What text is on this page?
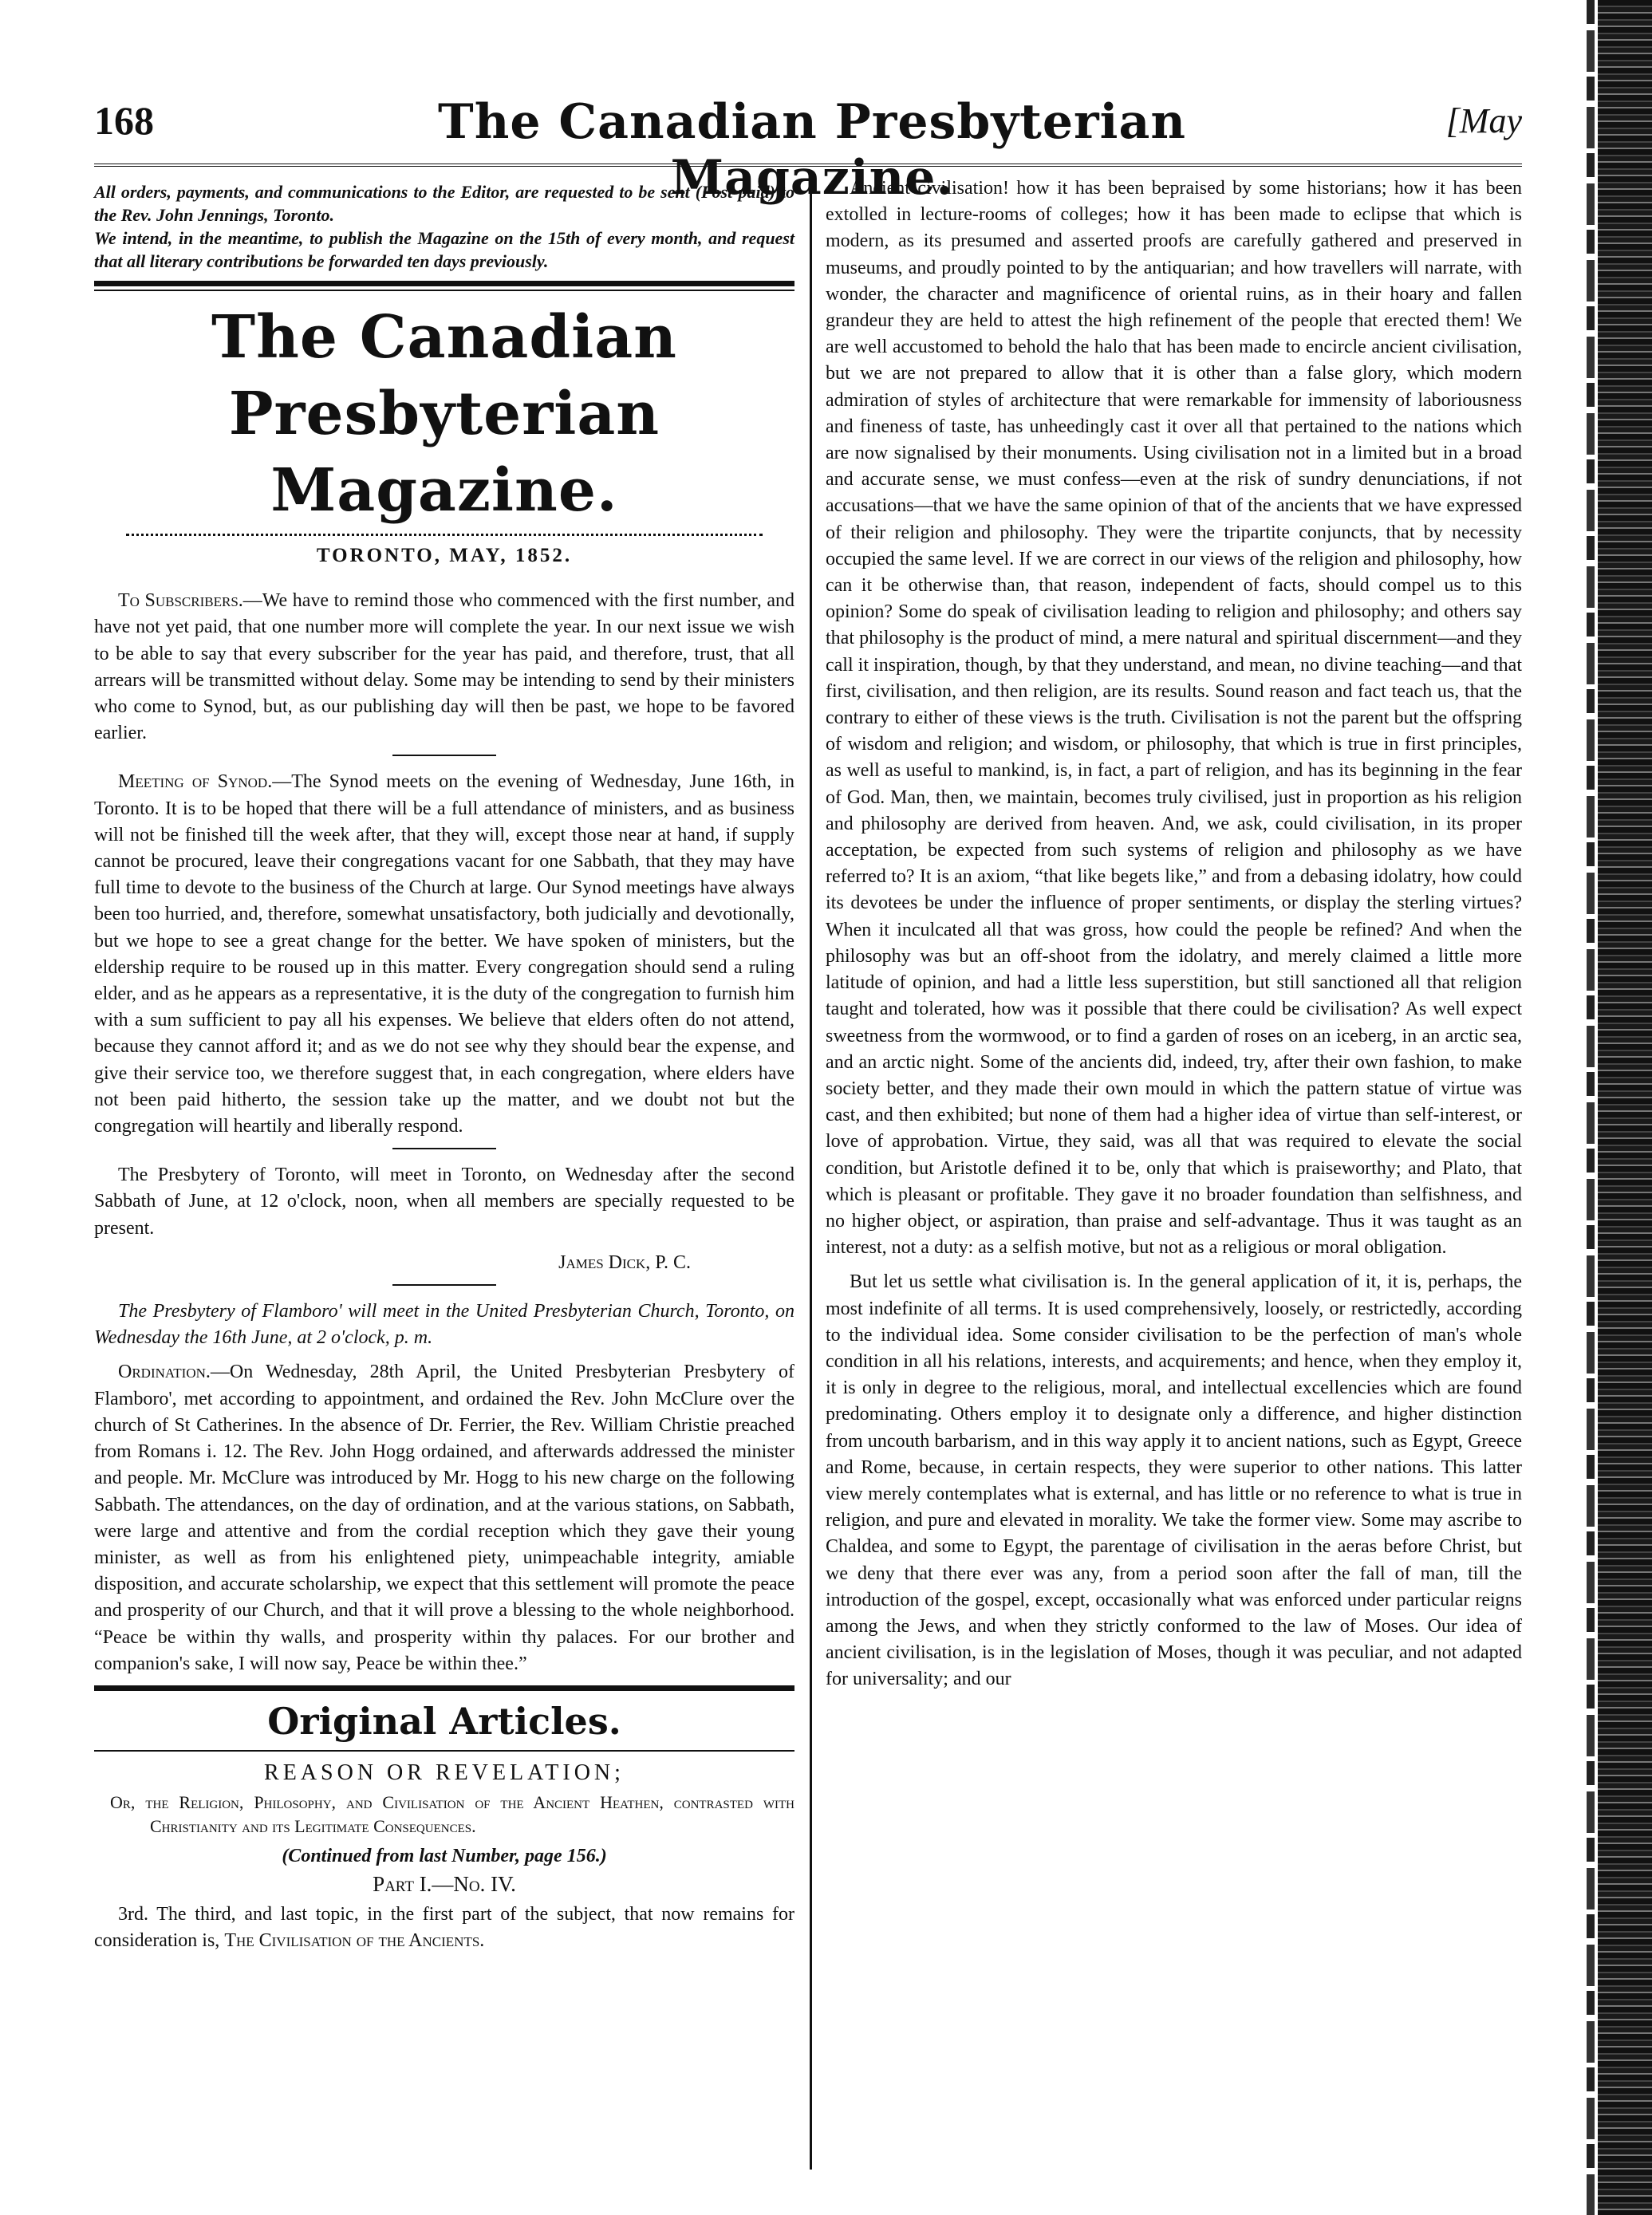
168	The Canadian Presbyterian Magazine.
[May
All orders, payments, and communications to the Editor, are requested to be sent (Post-paid) to the Rev. John Jennings, Toronto.
We intend, in the meantime, to publish the Magazine on the 15th of every month, and request that all literary contributions be forwarded ten days previously.
The Canadian Presbyterian Magazine.

TORONTO, MAY, 1852.

To Subscribers.—We have to remind those who commenced with the first number, and have not yet paid, that one number more will complete the year. In our next issue we wish to be able to say that every subscriber for the year has paid, and therefore, trust, that all arrears will be transmitted without delay. Some may be intending to send by their ministers who come to Synod, but, as our publishing day will then be past, we hope to be favored earlier.

Meeting of Synod.—The Synod meets on the evening of Wednesday, June 16th, in Toronto. It is to be hoped that there will be a full attendance of ministers, and as business will not be finished till the week after, that they will, except those near at hand, if supply cannot be procured, leave their congregations vacant for one Sabbath, that they may have full time to devote to the business of the Church at large. Our Synod meetings have always been too hurried, and, therefore, somewhat unsatisfactory, both judicially and devotionally, but we hope to see a great change for the better. We have spoken of ministers, but the eldership require to be roused up in this matter. Every congregation should send a ruling elder, and as he appears as a representative, it is the duty of the congregation to furnish him with a sum sufficient to pay all his expenses. We believe that elders often do not attend, because they cannot afford it; and as we do not see why they should bear the expense, and give their service too, we therefore suggest that, in each congregation, where elders have not been paid hitherto, the session take up the matter, and we doubt not but the congregation will heartily and liberally respond.

The Presbytery of Toronto, will meet in Toronto, on Wednesday after the second Sabbath of June, at 12 o'clock, noon, when all members are specially requested to be present.

James Dick, P. C.

The Presbytery of Flamboro' will meet in the United Presbyterian Church, Toronto, on Wednesday the 16th June, at 2 o'clock, p. m.

Ordination.—On Wednesday, 28th April, the United Presbyterian Presbytery of Flamboro', met according to appointment, and ordained the Rev. John McClure over the church of St Catherines. In the absence of Dr. Ferrier, the Rev. William Christie preached from Romans i. 12. The Rev. John Hogg ordained, and afterwards addressed the minister and people. Mr. McClure was introduced by Mr. Hogg to his new charge on the following Sabbath. The attendances, on the day of ordination, and at the various stations, on Sabbath, were large and attentive and from the cordial reception which they gave their young minister, as well as from his enlightened piety, unimpeachable integrity, amiable disposition, and accurate scholarship, we expect that this settlement will promote the peace and prosperity of our Church, and that it will prove a blessing to the whole neighborhood. “Peace be within thy walls, and prosperity within thy palaces. For our brother and companion's sake, I will now say, Peace be within thee.”

Original Articles.

REASON OR REVELATION;

Or, the Religion, Philosophy, and Civilisation of the Ancient Heathen, contrasted with Christianity and its Legitimate Consequences.

(Continued from last Number, page 156.)

Part I.—No. IV.

3rd. The third, and last topic, in the first part of the subject, that now remains for consideration is, The Civilisation of the Ancients.

Ancient civilisation! how it has been bepraised by some historians; how it has been extolled in lecture-rooms of colleges; how it has been made to eclipse that which is modern, as its presumed and asserted proofs are carefully gathered and preserved in museums, and proudly pointed to by the antiquarian; and how travellers will narrate, with wonder, the character and magnificence of oriental ruins, as in their hoary and fallen grandeur they are held to attest the high refinement of the people that erected them! We are well accustomed to behold the halo that has been made to encircle ancient civilisation, but we are not prepared to allow that it is other than a false glory, which modern admiration of styles of architecture that were remarkable for immensity of laboriousness and fineness of taste, has unheedingly cast it over all that pertained to the nations which are now signalised by their monuments. Using civilisation not in a limited but in a broad and accurate sense, we must confess—even at the risk of sundry denunciations, if not accusations—that we have the same opinion of that of the ancients that we have expressed of their religion and philosophy. They were the tripartite conjuncts, that by necessity occupied the same level. If we are correct in our views of the religion and philosophy, how can it be otherwise than, that reason, independent of facts, should compel us to this opinion? Some do speak of civilisation leading to religion and philosophy; and others say that philosophy is the product of mind, a mere natural and spiritual discernment—and they call it inspiration, though, by that they understand, and mean, no divine teaching—and that first, civilisation, and then religion, are its results. Sound reason and fact teach us, that the contrary to either of these views is the truth. Civilisation is not the parent but the offspring of wisdom and religion; and wisdom, or philosophy, that which is true in first principles, as well as useful to mankind, is, in fact, a part of religion, and has its beginning in the fear of God. Man, then, we maintain, becomes truly civilised, just in proportion as his religion and philosophy are derived from heaven. And, we ask, could civilisation, in its proper acceptation, be expected from such systems of religion and philosophy as we have referred to? It is an axiom, “that like begets like,” and from a debasing idolatry, how could its devotees be under the influence of proper sentiments, or display the sterling virtues? When it inculcated all that was gross, how could the people be refined? And when the philosophy was but an off-shoot from the idolatry, and merely claimed a little more latitude of opinion, and had a little less superstition, but still sanctioned all that religion taught and tolerated, how was it possible that there could be civilisation? As well expect sweetness from the wormwood, or to find a garden of roses on an iceberg, in an arctic sea, and an arctic night. Some of the ancients did, indeed, try, after their own fashion, to make society better, and they made their own mould in which the pattern statue of virtue was cast, and then exhibited; but none of them had a higher idea of virtue than self-interest, or love of approbation. Virtue, they said, was all that was required to elevate the social condition, but Aristotle defined it to be, only that which is praiseworthy; and Plato, that which is pleasant or profitable. They gave it no broader foundation than selfishness, and no higher object, or aspiration, than praise and self-advantage. Thus it was taught as an interest, not a duty: as a selfish motive, but not as a religious or moral obligation.

But let us settle what civilisation is. In the general application of it, it is, perhaps, the most indefinite of all terms. It is used comprehensively, loosely, or restrictedly, according to the individual idea. Some consider civilisation to be the perfection of man's whole condition in all his relations, interests, and acquirements; and hence, when they employ it, it is only in degree to the religious, moral, and intellectual excellencies which are found predominating. Others employ it to designate only a difference, and higher distinction from uncouth barbarism, and in this way apply it to ancient nations, such as Egypt, Greece and Rome, because, in certain respects, they were superior to other nations. This latter view merely contemplates what is external, and has little or no reference to what is true in religion, and pure and elevated in morality. We take the former view. Some may ascribe to Chaldea, and some to Egypt, the parentage of civilisation in the aeras before Christ, but we deny that there ever was any, from a period soon after the fall of man, till the introduction of the gospel, except, occasionally what was enforced under particular reigns among the Jews, and when they strictly conformed to the law of Moses. Our idea of ancient civilisation, is in the legislation of Moses, though it was peculiar, and not adapted for universality; and our
